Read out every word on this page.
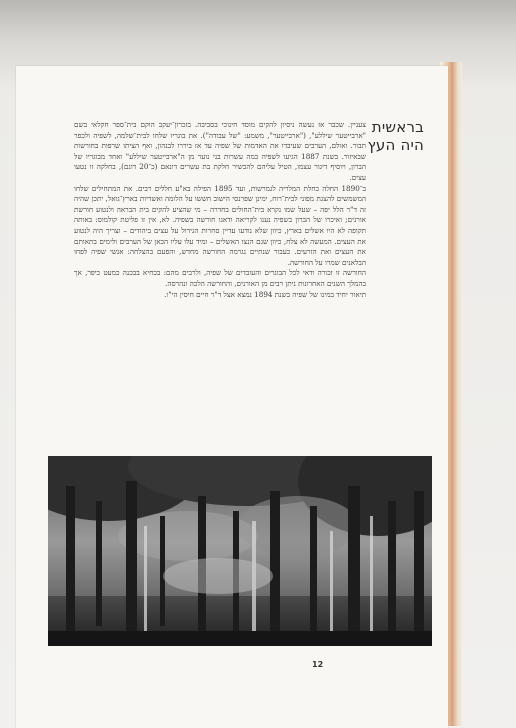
בראשית
היה העץ

צעניין. שכבר אז נעשה ניסיון להקים מוסד חינוכי בסביבה. בזכרון־יעקב הוקם בית־ספר חקלאי בשם "ארבייטער שיללע", ("ארבייטער", משמע: "של עבודה"). את בוגריו שלחו לבית־שלמה, לשפיה ולכפר תבור. ואולם, הערבים שעיבדו את האדמות של שפיה עד אז ביררו לבנהון, ואף הציתו שרפות בחורשות שבאיזור. בשנת 1887 הגיעו לשפיה כמה עשרות בני נוער מן ה"ארבייטער שיללע" ואחד מבוגריו של הברון, ויוסיף דיגור עצמו, הטיל עליהם להכשיר חלקת בת עשרים דונאם (כ־20 דונם), בחלקה זו נטעו עצים.

ב־1890 החלה בחלת המלריה לגמרשות, ועד 1895 הפילה בא"ע חללים רבים. את המתחילים שלחו המשמשים להצגת מפוני לבית־רוח, ימינן שפרנסי הישוב חששו על הלומה ואשדיות בארץ־גואל, יתכן שהיה זה ד"ר הלל יפה – שעל שמו נקרא בית־החולים בחדרה – מי שהציע להקים בית הבראה ולנטוע חורשת אורנים; ואיכרו של הברון בשפיה נענו לקריאה ודאגו חורשה בשפיה. לא, אין זו פליטת קולמוס: באותה תקופה לא היו אשלים בארץ, כיוון שלא נודעו עדיין סחרות הגידול על עצים ביהודים – וצריך היה לנטוע את העצים. המעשה לא צלח, כיוון שגם הנצו האשלים – ומיד עלו עליו הכאן של הערבים ולימים בתאותם את העצים ואת הזרעים. כעבור שנתיים נגרמה החורשה מחדש, והפעם בהצלחה: אנשי שפיה לפחו הבלאנים שמרו על החורשה.

החורשה זו זכורה ודאי לכל הבוגרים והעובדים של שפיה, ולרבים מהם: בכחיא בבכנה כמעט כיפר, אך בהמלך השנים האחרונות ניתן רבים מן האורנים, והחורשה הלכה ונהרסה.

תיאור יחיד במינו של שפיה בשנת 1894 נמצא אצל ד"ר חיים חיסין הי"ו.

12
